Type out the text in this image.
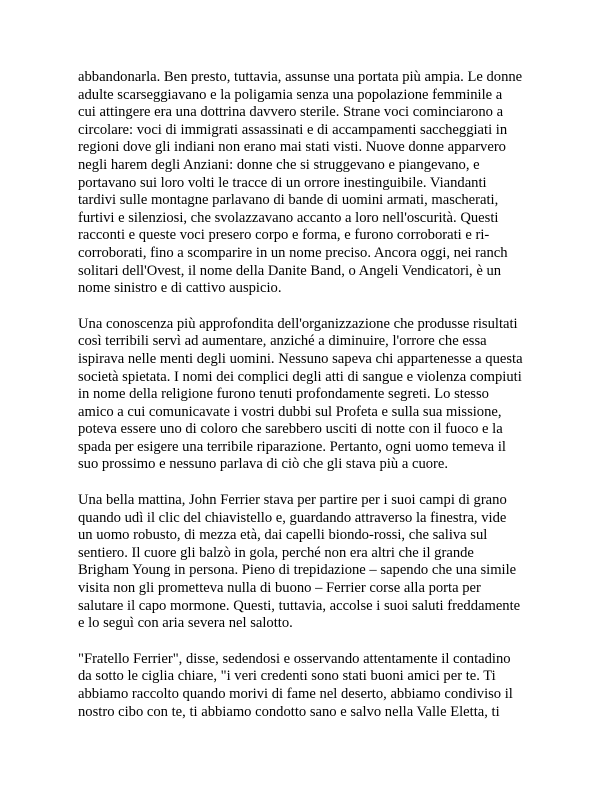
abbandonarla. Ben presto, tuttavia, assunse una portata più ampia. Le donne
adulte scarseggiavano e la poligamia senza una popolazione femminile a
cui attingere era una dottrina davvero sterile. Strane voci cominciarono a
circolare: voci di immigrati assassinati e di accampamenti saccheggiati in
regioni dove gli indiani non erano mai stati visti. Nuove donne apparvero
negli harem degli Anziani: donne che si struggevano e piangevano, e
portavano sui loro volti le tracce di un orrore inestinguibile. Viandanti
tardivi sulle montagne parlavano di bande di uomini armati, mascherati,
furtivi e silenziosi, che svolazzavano accanto a loro nell'oscurità. Questi
racconti e queste voci presero corpo e forma, e furono corroborati e ri-
corroborati, fino a scomparire in un nome preciso. Ancora oggi, nei ranch
solitari dell'Ovest, il nome della Danite Band, o Angeli Vendicatori, è un
nome sinistro e di cattivo auspicio.

Una conoscenza più approfondita dell'organizzazione che produsse risultati
così terribili servì ad aumentare, anziché a diminuire, l'orrore che essa
ispirava nelle menti degli uomini. Nessuno sapeva chi appartenesse a questa
società spietata. I nomi dei complici degli atti di sangue e violenza compiuti
in nome della religione furono tenuti profondamente segreti. Lo stesso
amico a cui comunicavate i vostri dubbi sul Profeta e sulla sua missione,
poteva essere uno di coloro che sarebbero usciti di notte con il fuoco e la
spada per esigere una terribile riparazione. Pertanto, ogni uomo temeva il
suo prossimo e nessuno parlava di ciò che gli stava più a cuore.

Una bella mattina, John Ferrier stava per partire per i suoi campi di grano
quando udì il clic del chiavistello e, guardando attraverso la finestra, vide
un uomo robusto, di mezza età, dai capelli biondo-rossi, che saliva sul
sentiero. Il cuore gli balzò in gola, perché non era altri che il grande
Brigham Young in persona. Pieno di trepidazione – sapendo che una simile
visita non gli prometteva nulla di buono – Ferrier corse alla porta per
salutare il capo mormone. Questi, tuttavia, accolse i suoi saluti freddamente
e lo seguì con aria severa nel salotto.

"Fratello Ferrier", disse, sedendosi e osservando attentamente il contadino
da sotto le ciglia chiare, "i veri credenti sono stati buoni amici per te. Ti
abbiamo raccolto quando morivi di fame nel deserto, abbiamo condiviso il
nostro cibo con te, ti abbiamo condotto sano e salvo nella Valle Eletta, ti
